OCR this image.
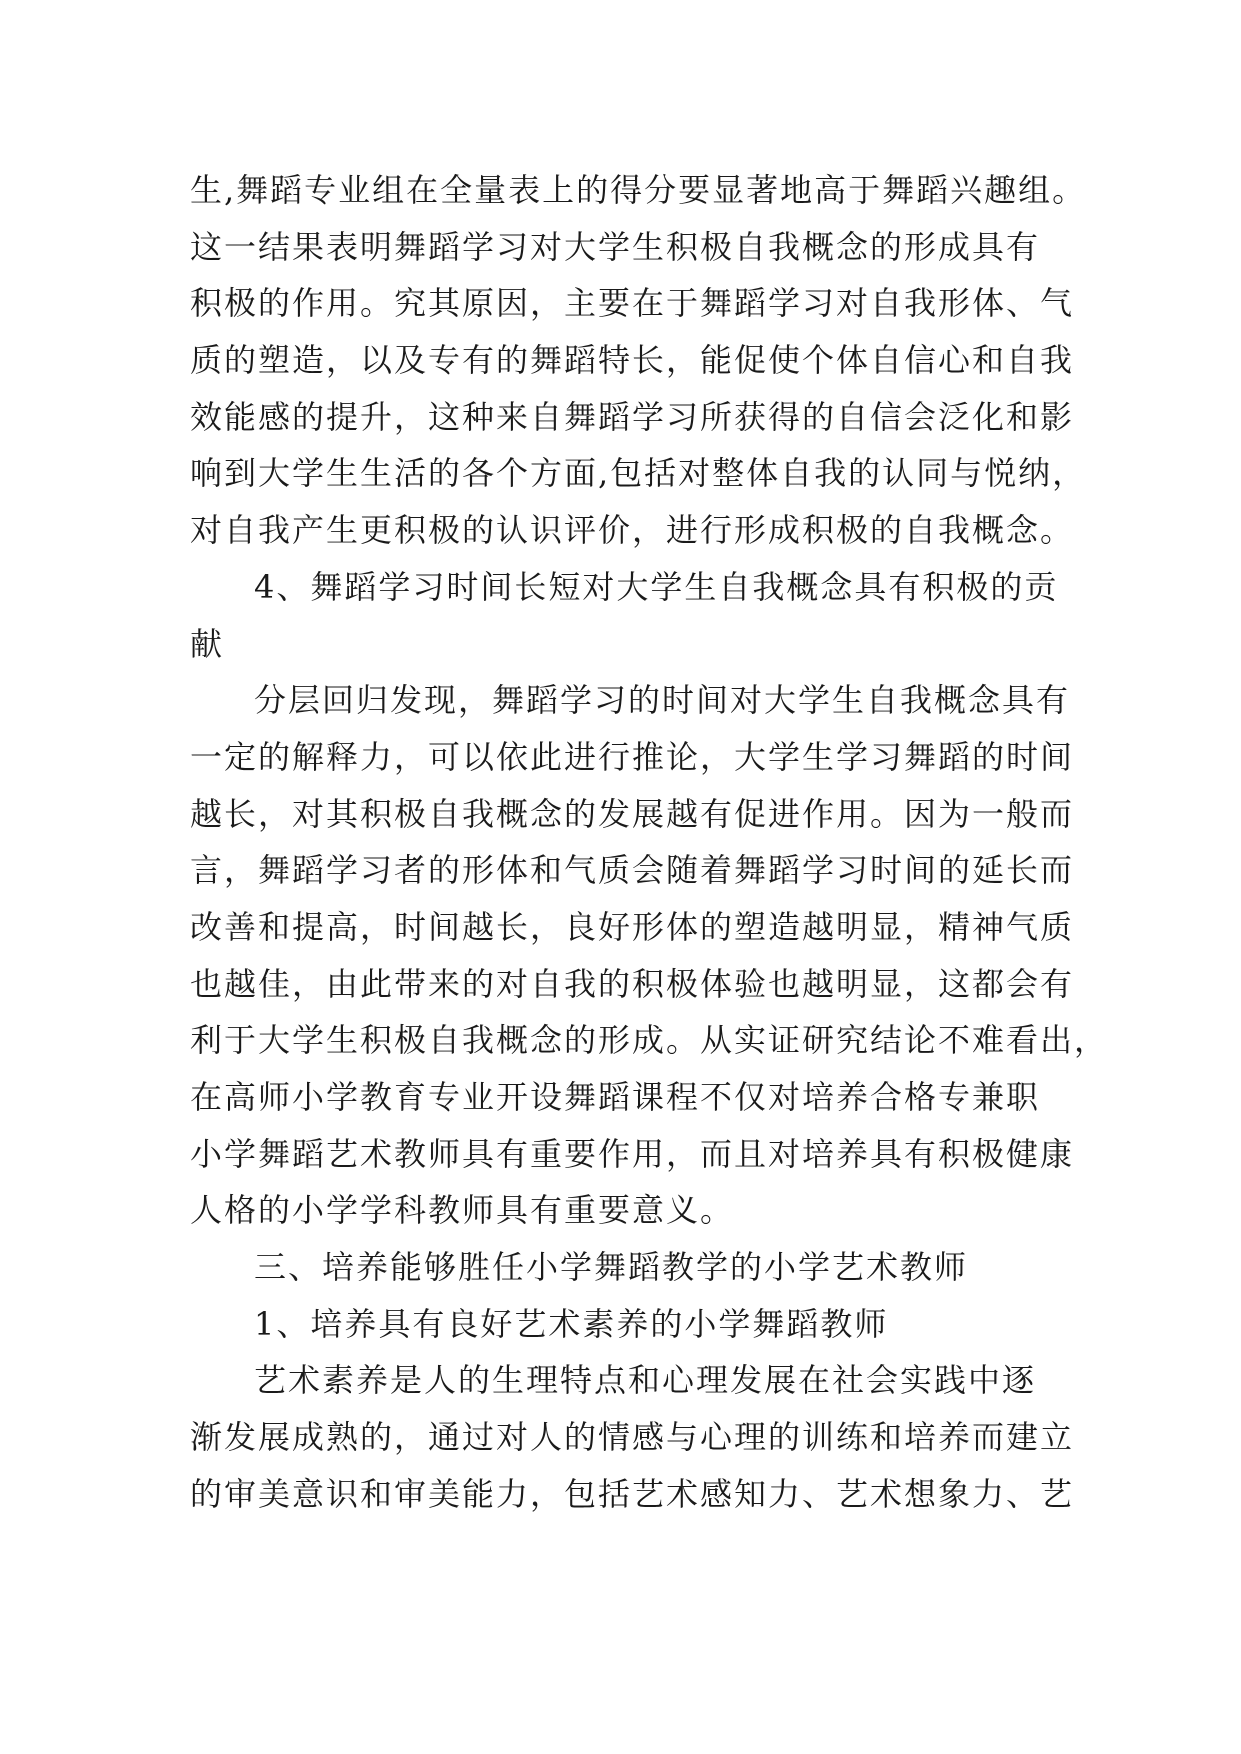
生,舞蹈专业组在全量表上的得分要显著地高于舞蹈兴趣组。
这一结果表明舞蹈学习对大学生积极自我概念的形成具有
积极的作用。究其原因，主要在于舞蹈学习对自我形体、气
质的塑造，以及专有的舞蹈特长，能促使个体自信心和自我
效能感的提升，这种来自舞蹈学习所获得的自信会泛化和影
响到大学生生活的各个方面,包括对整体自我的认同与悦纳，
对自我产生更积极的认识评价，进行形成积极的自我概念。
4、舞蹈学习时间长短对大学生自我概念具有积极的贡
献
分层回归发现，舞蹈学习的时间对大学生自我概念具有
一定的解释力，可以依此进行推论，大学生学习舞蹈的时间
越长，对其积极自我概念的发展越有促进作用。因为一般而
言，舞蹈学习者的形体和气质会随着舞蹈学习时间的延长而
改善和提高，时间越长，良好形体的塑造越明显，精神气质
也越佳，由此带来的对自我的积极体验也越明显，这都会有
利于大学生积极自我概念的形成。从实证研究结论不难看出，
在高师小学教育专业开设舞蹈课程不仅对培养合格专兼职
小学舞蹈艺术教师具有重要作用，而且对培养具有积极健康
人格的小学学科教师具有重要意义。
三、培养能够胜任小学舞蹈教学的小学艺术教师
1、培养具有良好艺术素养的小学舞蹈教师
艺术素养是人的生理特点和心理发展在社会实践中逐
渐发展成熟的，通过对人的情感与心理的训练和培养而建立
的审美意识和审美能力，包括艺术感知力、艺术想象力、艺
